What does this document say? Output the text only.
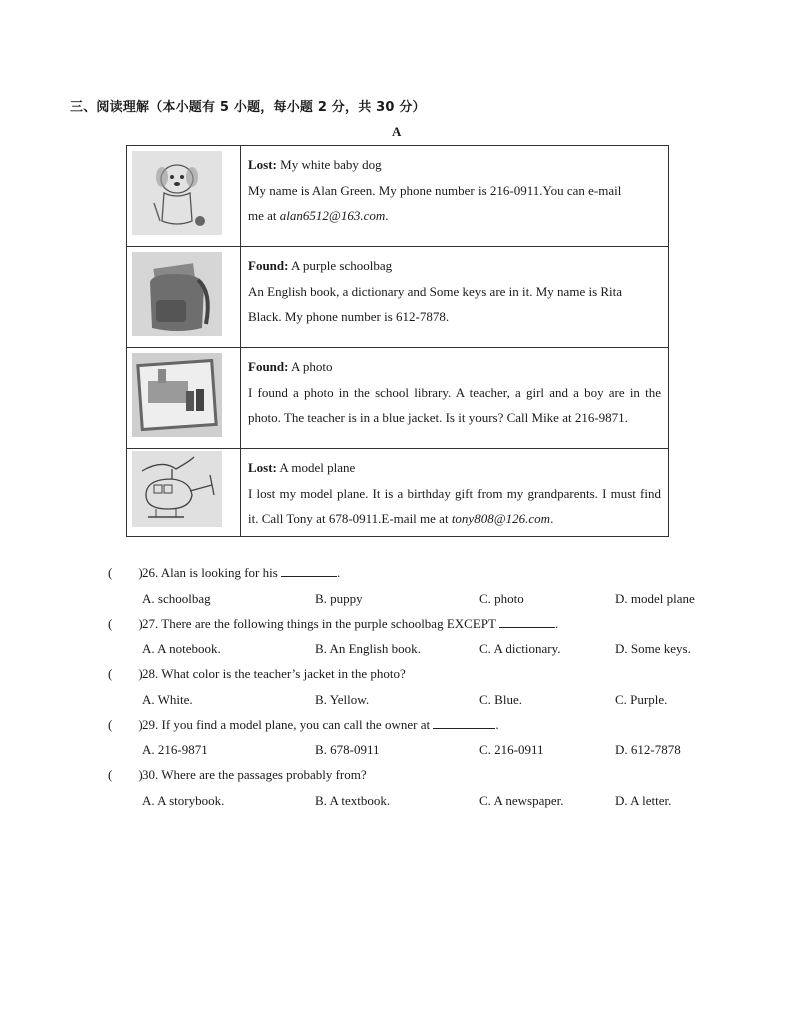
三、阅读理解（本小题有 5 小题，每小题 2 分，共 30 分）
A

Lost: My white baby dog
My name is Alan Green. My phone number is 216-0911.You can e-mail
me at alan6512@163.com.

Found: A purple schoolbag
An English book, a dictionary and Some keys are in it. My name is Rita
Black. My phone number is 612-7878.

Found: A photo
I found a photo in the school library. A teacher, a girl and a boy are in the
photo. The teacher is in a blue jacket. Is it yours? Call Mike at 216-9871.

Lost: A model plane
I lost my model plane. It is a birthday gift from my grandparents. I must find
it. Call Tony at 678-0911.E-mail me at tony808@126.com.
(        )26. Alan is looking for his	.
A. schoolbag	B. puppy	C. photo	D. model plane
(        )27. There are the following things in the purple schoolbag EXCEPT	.
A. A notebook.	B. An English book.	C. A dictionary.	D. Some keys.
(        )28. What color is the teacher’s jacket in the photo?
A. White.	B. Yellow.	C. Blue.	C. Purple.
(        )29. If you find a model plane, you can call the owner at	.
A. 216-9871	B. 678-0911	C. 216-0911	D. 612-7878
(        )30. Where are the passages probably from?
A. A storybook.	B. A textbook.	C. A newspaper.	D. A letter.
